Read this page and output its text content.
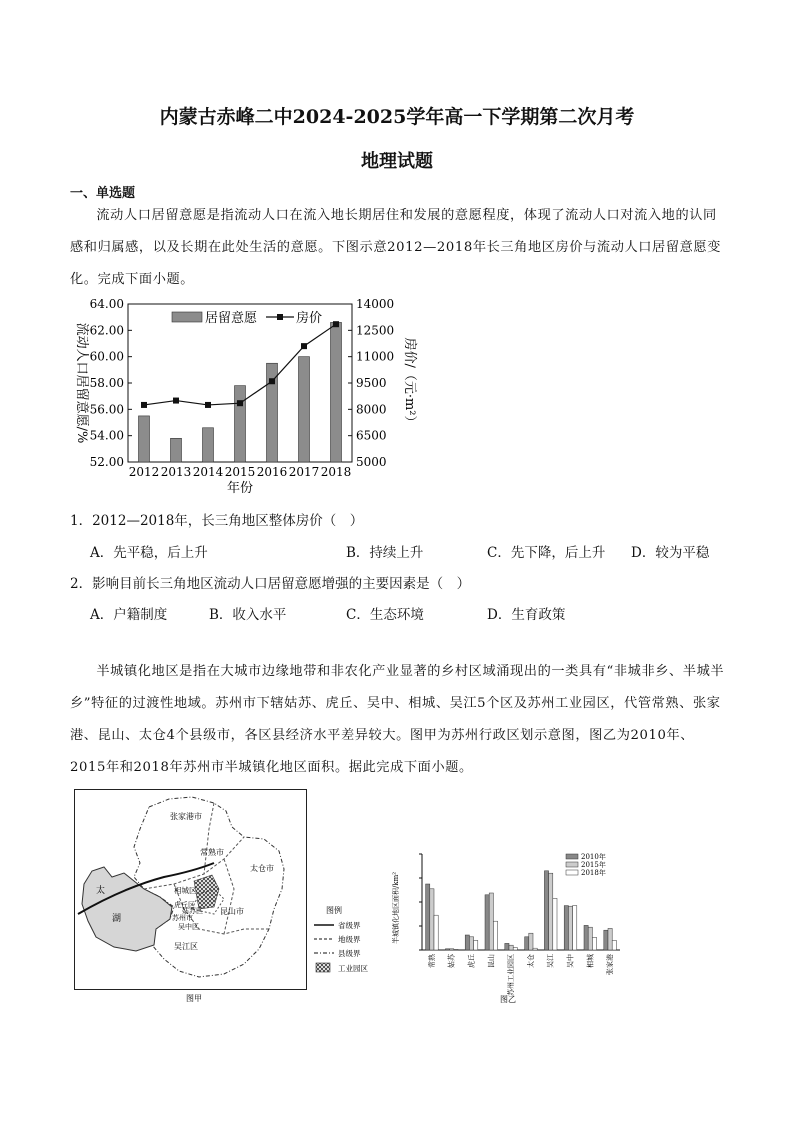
内蒙古赤峰二中2024-2025学年高一下学期第二次月考
地理试题
一、单选题
流动人口居留意愿是指流动人口在流入地长期居住和发展的意愿程度，体现了流动人口对流入地的认同感和归属感，以及长期在此处生活的意愿。下图示意2012—2018年长三角地区房价与流动人口居留意愿变化。完成下面小题。
52.00
54.00
56.00
58.00
60.00
62.00
64.00
5000
6500
8000
9500
11000
12500
14000
2012 2013 2014 2015 2016 2017 2018
年份
居留意愿	房价
流动人口居留意愿/%	房价/（元·m²）
1．2012—2018年，长三角地区整体房价（　）
A．先平稳，后上升	B．持续上升	C．先下降，后上升 D．较为平稳
2．影响目前长三角地区流动人口居留意愿增强的主要因素是（　）
A．户籍制度	B．收入水平	C．生态环境	D．生育政策
半城镇化地区是指在大城市边缘地带和非农化产业显著的乡村区域涌现出的一类具有“非城非乡、半城半乡”特征的过渡性地域。苏州市下辖姑苏、虎丘、吴中、相城、吴江5个区及苏州工业园区，代管常熟、张家港、昆山、太仓4个县级市，各区县经济水平差异较大。图甲为苏州行政区划示意图，图乙为2010年、2015年和2018年苏州市半城镇化地区面积。据此完成下面小题。
张家港市
常熟市
太仓市
相城区
虎丘区
苏州市
姑苏区
吴中区
昆山市
吴江区
太
湖
图例
省级界
地级界
县级界
工业园区
图甲
常熟 姑苏 虎丘 昆山 苏州工业园区 太仓 吴江 吴中 相城 张家港
半城镇化地区面积/km²
2010年
2015年
2018年
图乙
